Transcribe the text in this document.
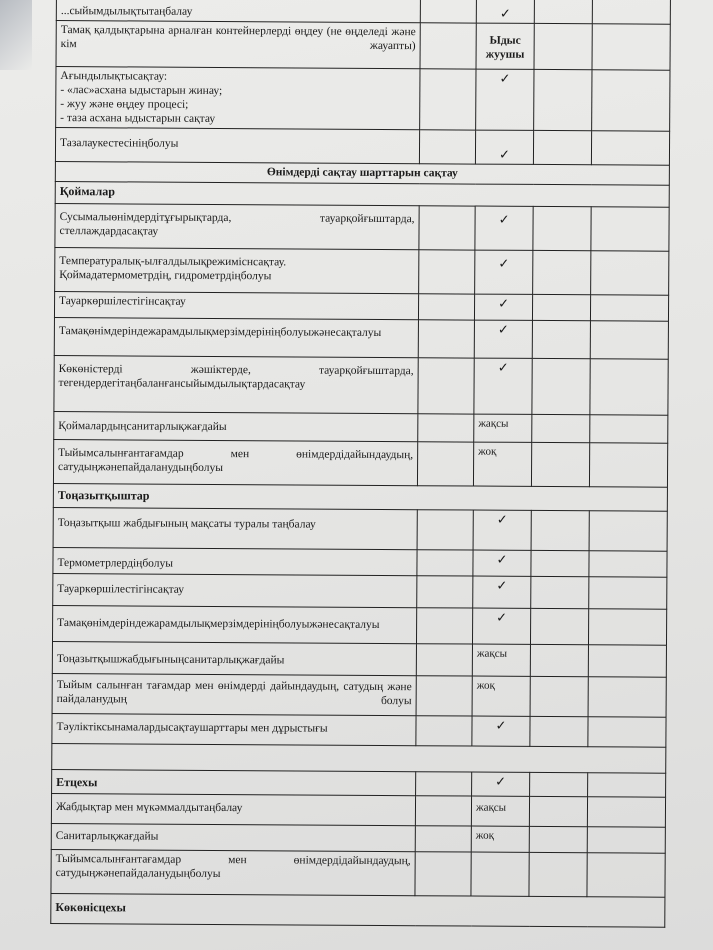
...сыйымдылықтытаңбалау		✓		
Тамақ қалдықтарына арналған контейнерлерді өңдеу (не өңделеді және кім жауапты)		Ыдыс жуушы		

Ағындылықтысақтау:
- «лас»асхана ыдыстарын жинау;
- жуу және өңдеу процесі;
- таза асхана ыдыстарын сақтау		✓		
Тазалаукестесініңболуы		✓		
Өнімдерді сақтау шарттарын сақтау				
Қоймалар				
Сусымалыөнімдердітұғырықтарда, тауарқойғыштарда, стеллаждардасақтау		✓		

Температуралық-ылғалдылықрежиміснсақтау.
Қоймадатермометрдің, гидрометрдіңболуы		✓		
Тауаркөршілестігінсақтау		✓		
Тамақөнімдеріндежарамдылықмерзімдерініңболуыжәнесақталуы		✓		
Көкөністерді жәшіктерде, тауарқойғыштарда, тегендердегітаңбаланғансыйымдылықтардасақтау		✓		
Қоймалардыңсанитарлықжағдайы		жақсы		
Тыйымсалынғантағамдар мен өнімдердідайындаудың, сатудыңжәнепайдаланудыңболуы		жоқ		
Тоңазытқыштар				
Тоңазытқыш жабдығының мақсаты туралы таңбалау		✓		
Термометрлердіңболуы		✓		
Тауаркөршілестігінсақтау		✓		
Тамақөнімдеріндежарамдылықмерзімдерініңболуыжәнесақталуы		✓		
Тоңазытқышжабдығыныңсанитарлықжағдайы		жақсы		
Тыйым салынған тағамдар мен өнімдерді дайындаудың, сатудың және пайдаланудың болуы		жоқ		
Тәуліктіксынамалардысақтаушарттары мен дұрыстығы		✓		

Етцехы		✓		
Жабдықтар мен мүкәммалдытаңбалау		жақсы		
Санитарлықжағдайы		жоқ		
Тыйымсалынғантағамдар мен өнімдердідайындаудың, сатудыңжәнепайдаланудыңболуы				
Көкөнісцехы				
